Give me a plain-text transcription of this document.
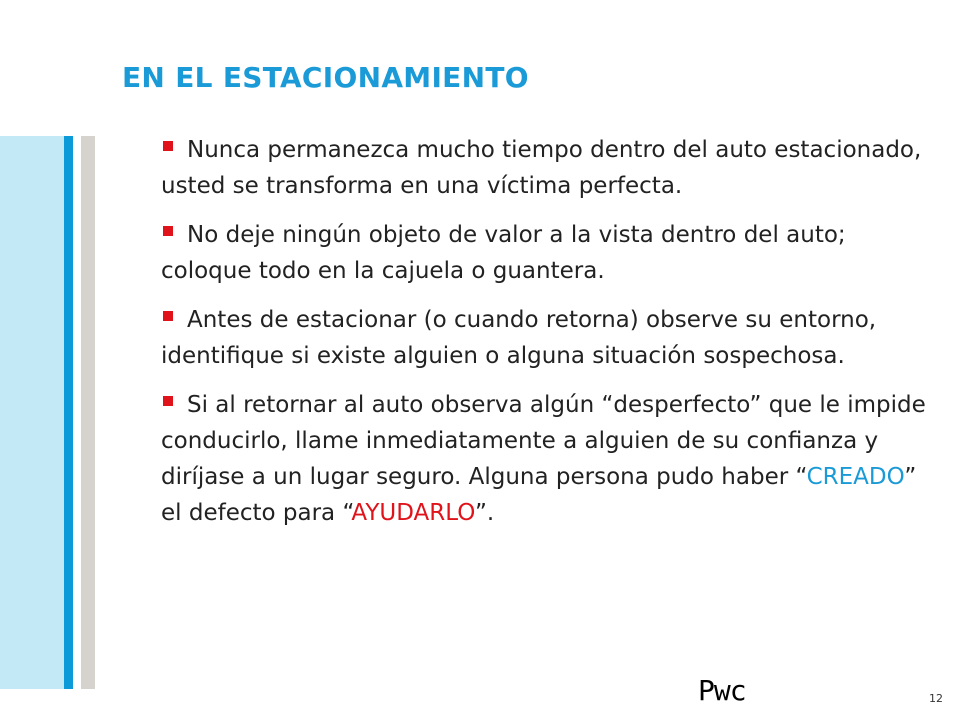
EN EL ESTACIONAMIENTO

Nunca permanezca mucho tiempo dentro del auto estacionado, usted se transforma en una víctima perfecta.

No deje ningún objeto de valor a la vista dentro del auto; coloque todo en la cajuela o guantera.

Antes de estacionar (o cuando retorna) observe su entorno, identifique si existe alguien o alguna situación sospechosa.

Si al retornar al auto observa algún “desperfecto” que le impide conducirlo, llame inmediatamente a alguien de su confianza y diríjase a un lugar seguro. Alguna persona pudo haber “CREADO” el defecto para “AYUDARLO”.

Pwc	12
